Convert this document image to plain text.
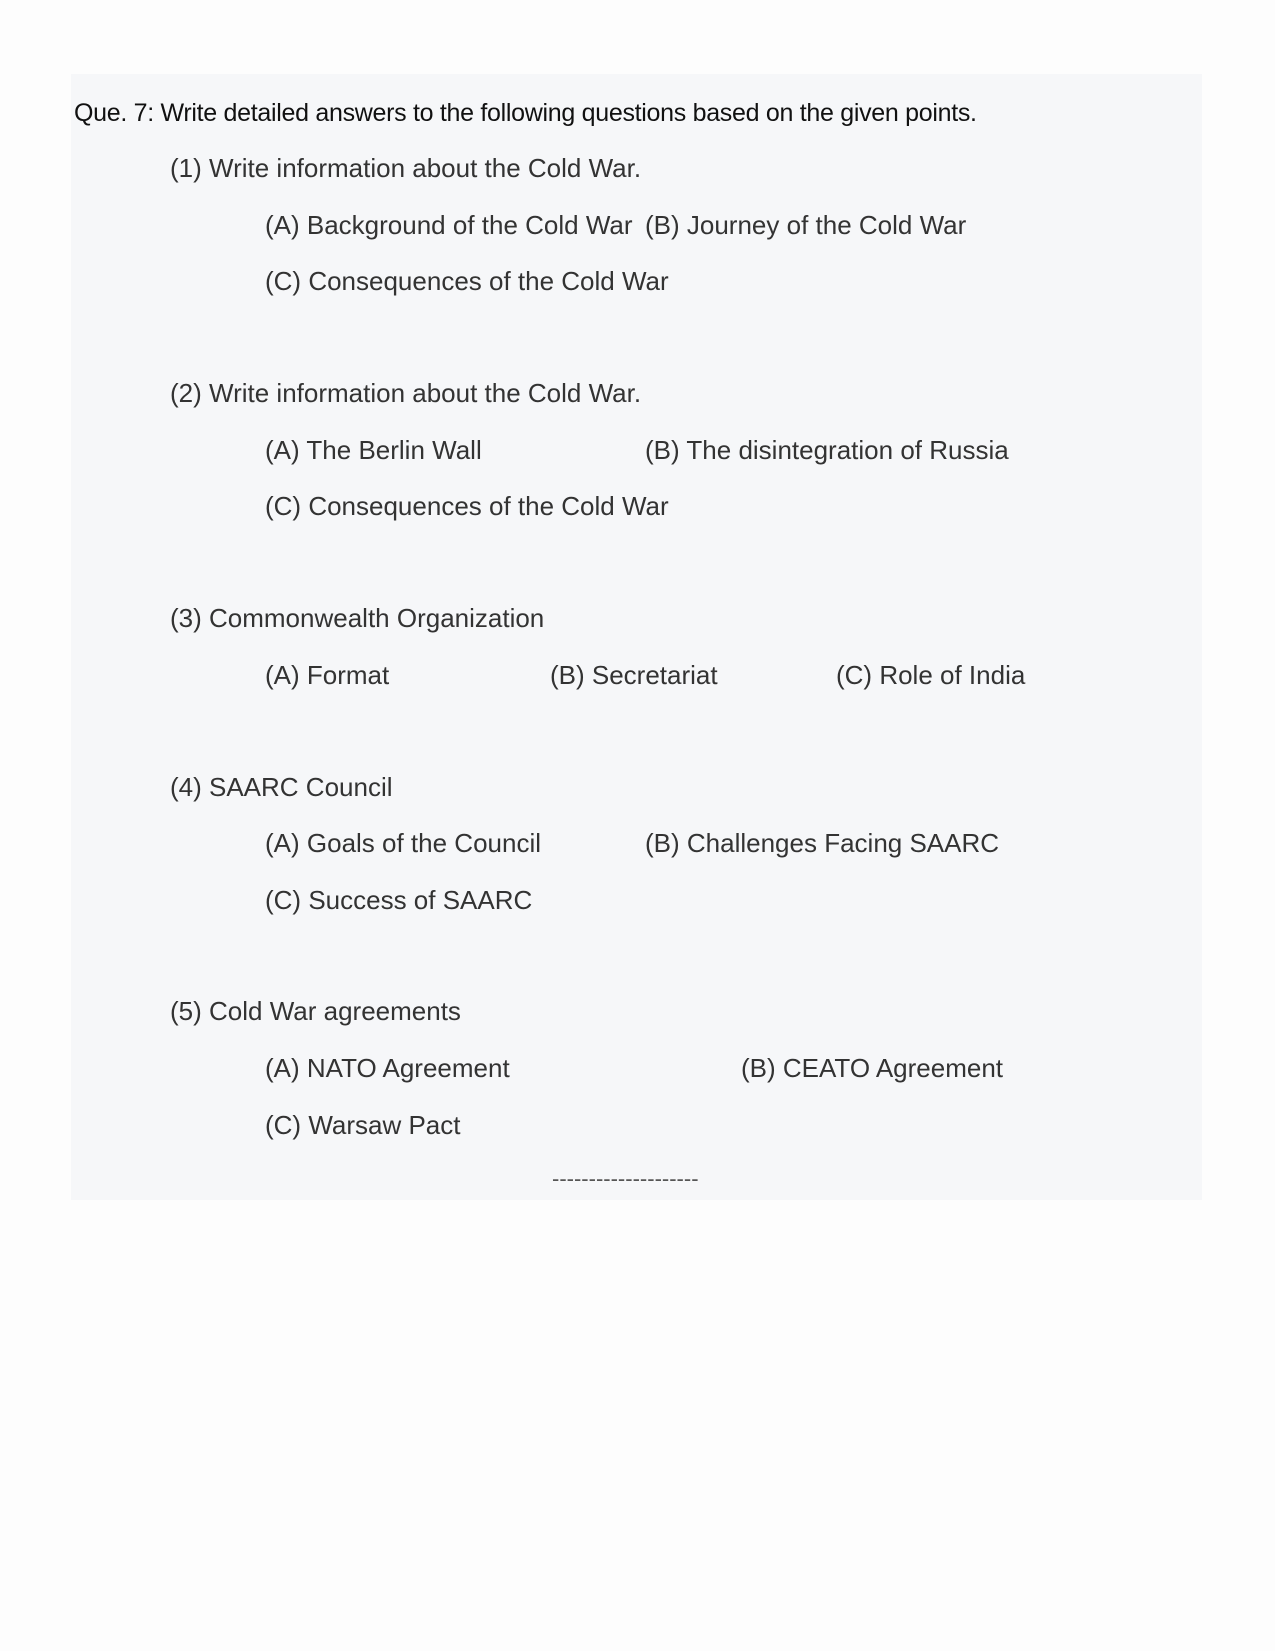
Que. 7: Write detailed answers to the following questions based on the given points.
(1) Write information about the Cold War.
(A) Background of the Cold War (B) Journey of the Cold War
(C) Consequences of the Cold War
(2) Write information about the Cold War.
(A) The Berlin Wall	(B) The disintegration of Russia
(C) Consequences of the Cold War
(3) Commonwealth Organization
(A) Format	(B) Secretariat	(C) Role of India
(4) SAARC Council
(A) Goals of the Council	(B) Challenges Facing SAARC
(C) Success of SAARC
(5) Cold War agreements
(A) NATO Agreement	(B) CEATO Agreement
(C) Warsaw Pact
--------------------
